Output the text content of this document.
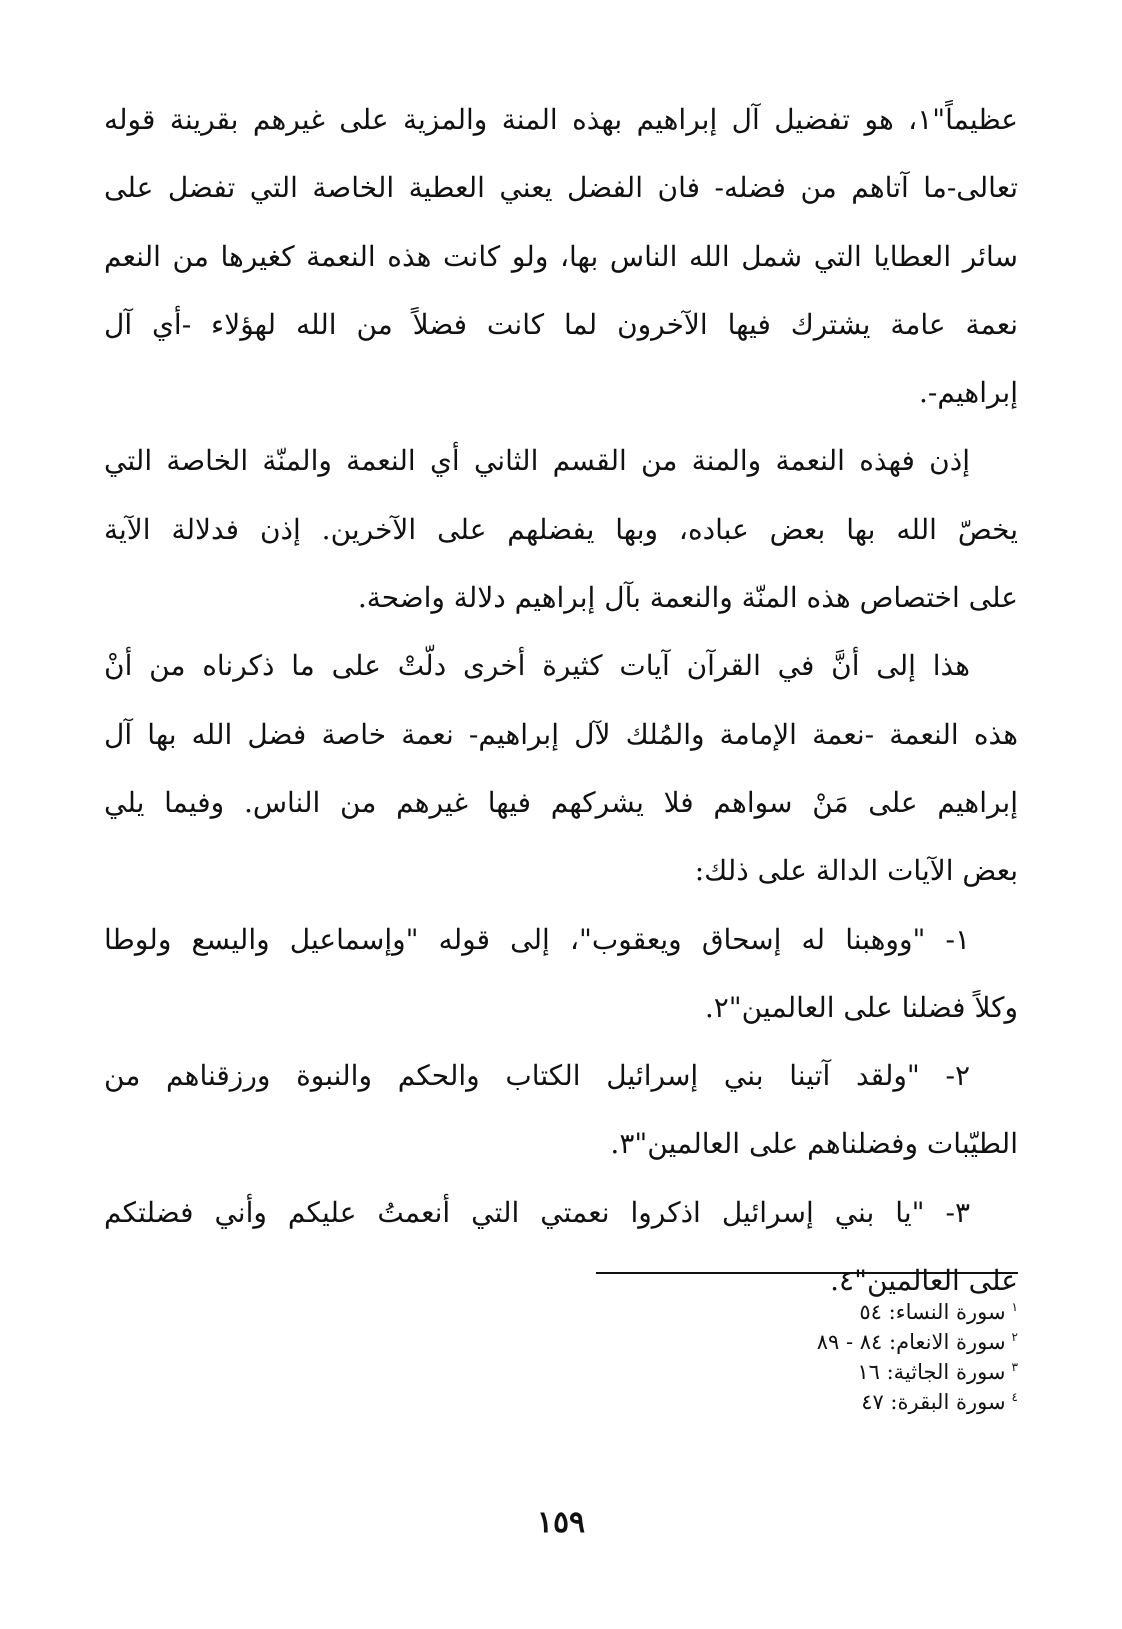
عظيماً"١، هو تفضيل آل إبراهيم بهذه المنة والمزية على غيرهم بقرينة قوله
تعالى-ما آتاهم من فضله- فان الفضل يعني العطية الخاصة التي تفضل على
سائر العطايا التي شمل الله الناس بها، ولو كانت هذه النعمة كغيرها من النعم
نعمة عامة يشترك فيها الآخرون لما كانت فضلاً من الله لهؤلاء -أي آل
إبراهيم-.
إذن فهذه النعمة والمنة من القسم الثاني أي النعمة والمنّة الخاصة التي
يخصّ الله بها بعض عباده، وبها يفضلهم على الآخرين. إذن فدلالة الآية
على اختصاص هذه المنّة والنعمة بآل إبراهيم دلالة واضحة.
هذا إلى أنَّ في القرآن آيات كثيرة أخرى دلّتْ على ما ذكرناه من أنْ
هذه النعمة -نعمة الإمامة والمُلك لآل إبراهيم- نعمة خاصة فضل الله بها آل
إبراهيم على مَنْ سواهم فلا يشركهم فيها غيرهم من الناس. وفيما يلي
بعض الآيات الدالة على ذلك:
١- "ووهبنا له إسحاق ويعقوب"، إلى قوله "وإسماعيل واليسع ولوطا
وكلاً فضلنا على العالمين"٢.
٢- "ولقد آتينا بني إسرائيل الكتاب والحكم والنبوة ورزقناهم من
الطيّبات وفضلناهم على العالمين"٣.
٣- "يا بني إسرائيل اذكروا نعمتي التي أنعمتُ عليكم وأني فضلتكم
على العالمين"٤.
$^١$سورة النساء: ٥٤
$^٢$سورة الانعام: ٨٤ - ٨٩
$^٣$سورة الجاثية: ١٦
$^٤$سورة البقرة: ٤٧
١٥٩
